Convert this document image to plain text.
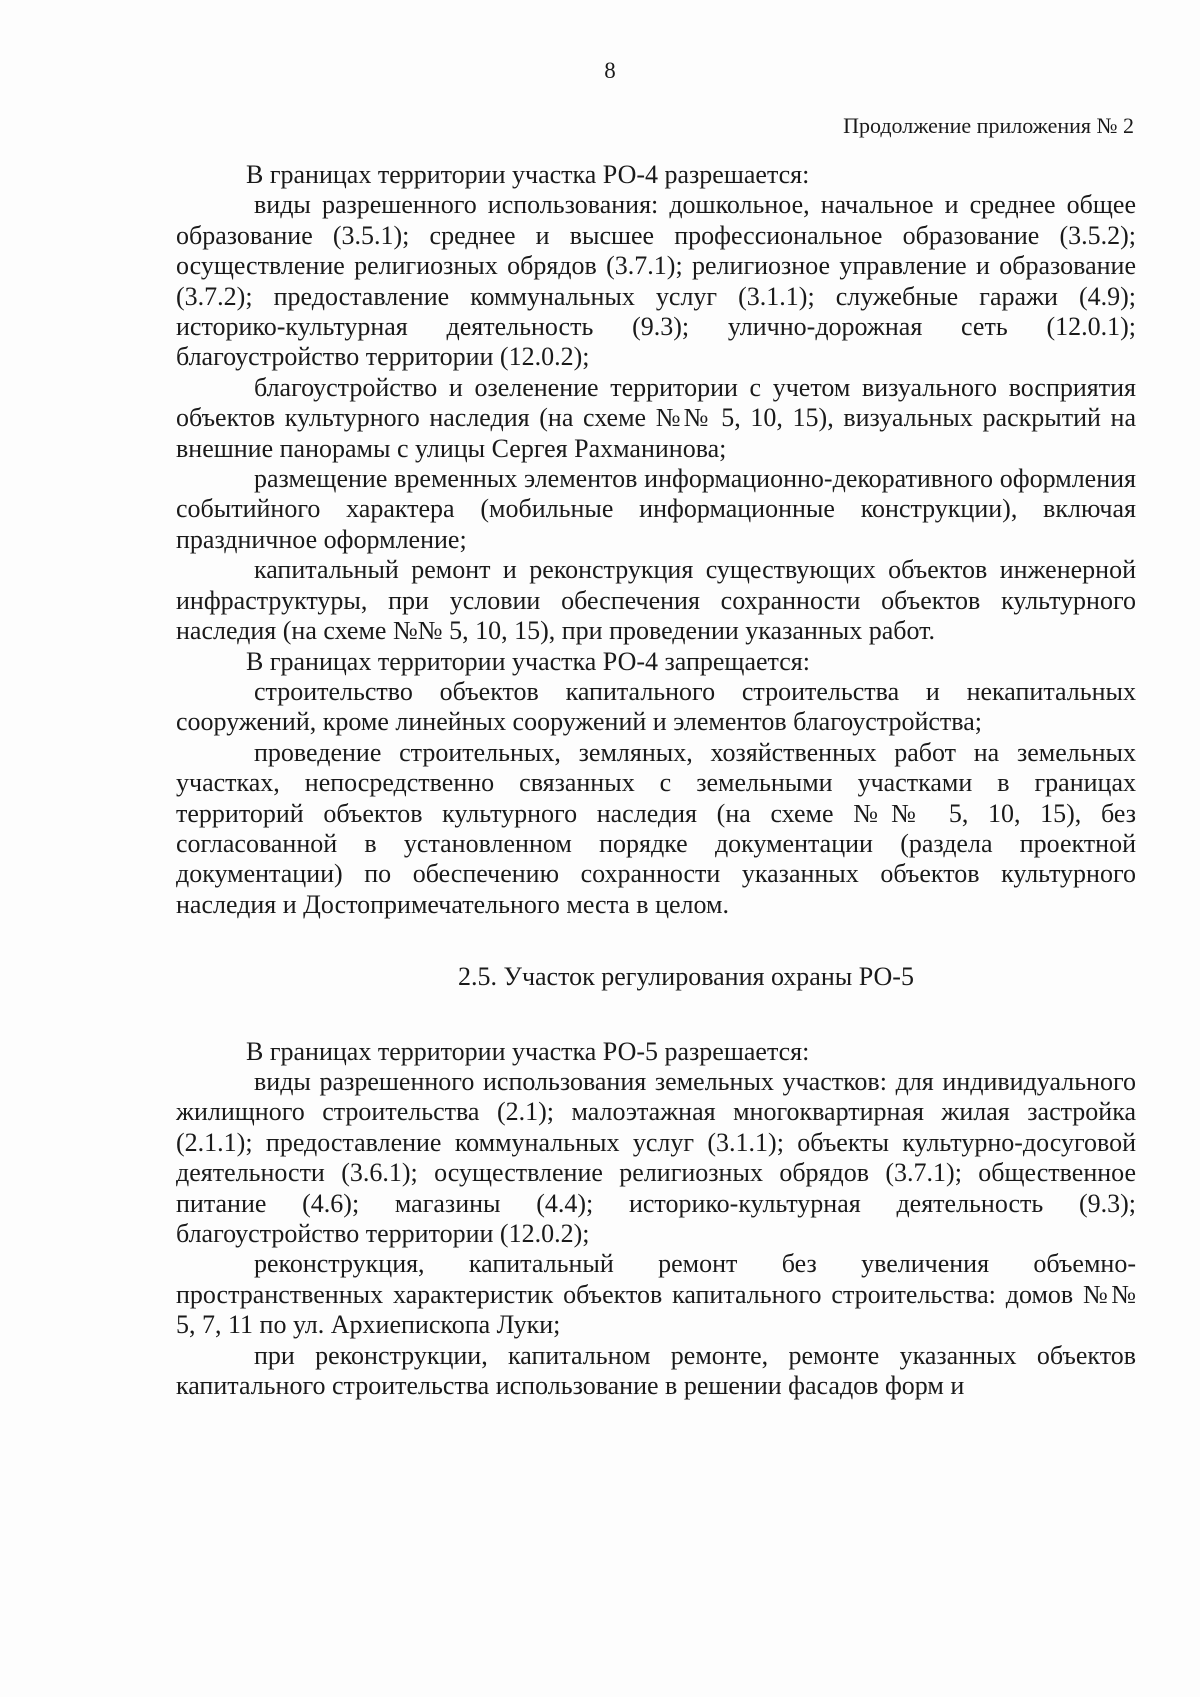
8
Продолжение приложения № 2

В границах территории участка РО-4 разрешается:

виды разрешенного использования: дошкольное, начальное и среднее общее образование (3.5.1); среднее и высшее профессиональное образование (3.5.2); осуществление религиозных обрядов (3.7.1); религиозное управление и образование (3.7.2); предоставление коммунальных услуг (3.1.1); служебные гаражи (4.9); историко-культурная деятельность (9.3); улично-дорожная сеть (12.0.1); благоустройство территории (12.0.2);

благоустройство и озеленение территории с учетом визуального восприятия объектов культурного наследия (на схеме №№ 5, 10, 15), визуальных раскрытий на внешние панорамы с улицы Сергея Рахманинова;

размещение временных элементов информационно-декоративного оформления событийного характера (мобильные информационные конструкции), включая праздничное оформление;

капитальный ремонт и реконструкция существующих объектов инженерной инфраструктуры, при условии обеспечения сохранности объектов культурного наследия (на схеме №№ 5, 10, 15), при проведении указанных работ.

В границах территории участка РО-4 запрещается:

строительство объектов капитального строительства и некапитальных сооружений, кроме линейных сооружений и элементов благоустройства;

проведение строительных, земляных, хозяйственных работ на земельных участках, непосредственно связанных с земельными участками в границах территорий объектов культурного наследия (на схеме №№ 5, 10, 15), без согласованной в установленном порядке документации (раздела проектной документации) по обеспечению сохранности указанных объектов культурного наследия и Достопримечательного места в целом.

2.5. Участок регулирования охраны РО-5

В границах территории участка РО-5 разрешается:

виды разрешенного использования земельных участков: для индивидуального жилищного строительства (2.1); малоэтажная многоквартирная жилая застройка (2.1.1); предоставление коммунальных услуг (3.1.1); объекты культурно-досуговой деятельности (3.6.1); осуществление религиозных обрядов (3.7.1); общественное питание (4.6); магазины (4.4); историко-культурная деятельность (9.3); благоустройство территории (12.0.2);

реконструкция, капитальный ремонт без увеличения объемно-пространственных характеристик объектов капитального строительства: домов №№ 5, 7, 11 по ул. Архиепископа Луки;

при реконструкции, капитальном ремонте, ремонте указанных объектов капитального строительства использование в решении фасадов форм и
